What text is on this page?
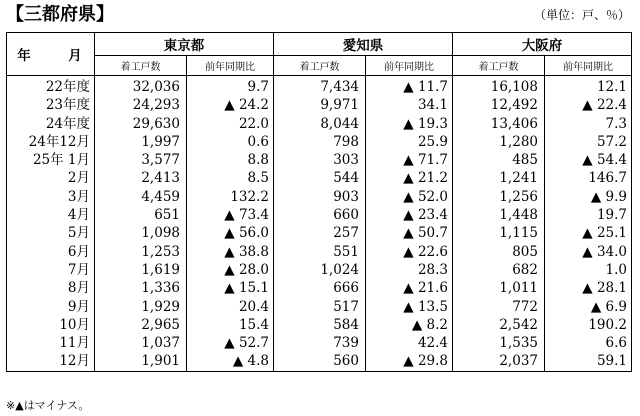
【三都府県】	（単位：戸、％）
年　月	東京都		愛知県		大阪府	
	着工戸数	前年同期比	着工戸数	前年同期比	着工戸数	前年同期比
22年度	32,036	9.7	7,434	▲ 11.7	16,108	12.1
23年度	24,293	▲ 24.2	9,971	34.1	12,492	▲ 22.4
24年度	29,630	22.0	8,044	▲ 19.3	13,406	7.3
24年12月	1,997	0.6	798	25.9	1,280	57.2
25年 1月	3,577	8.8	303	▲ 71.7	485	▲ 54.4
2月	2,413	8.5	544	▲ 21.2	1,241	146.7
3月	4,459	132.2	903	▲ 52.0	1,256	▲ 9.9
4月	651	▲ 73.4	660	▲ 23.4	1,448	19.7
5月	1,098	▲ 56.0	257	▲ 50.7	1,115	▲ 25.1
6月	1,253	▲ 38.8	551	▲ 22.6	805	▲ 34.0
7月	1,619	▲ 28.0	1,024	28.3	682	1.0
8月	1,336	▲ 15.1	666	▲ 21.6	1,011	▲ 28.1
9月	1,929	20.4	517	▲ 13.5	772	▲ 6.9
10月	2,965	15.4	584	▲ 8.2	2,542	190.2
11月	1,037	▲ 52.7	739	42.4	1,535	6.6
12月	1,901	▲ 4.8	560	▲ 29.8	2,037	59.1
※▲はマイナス。
